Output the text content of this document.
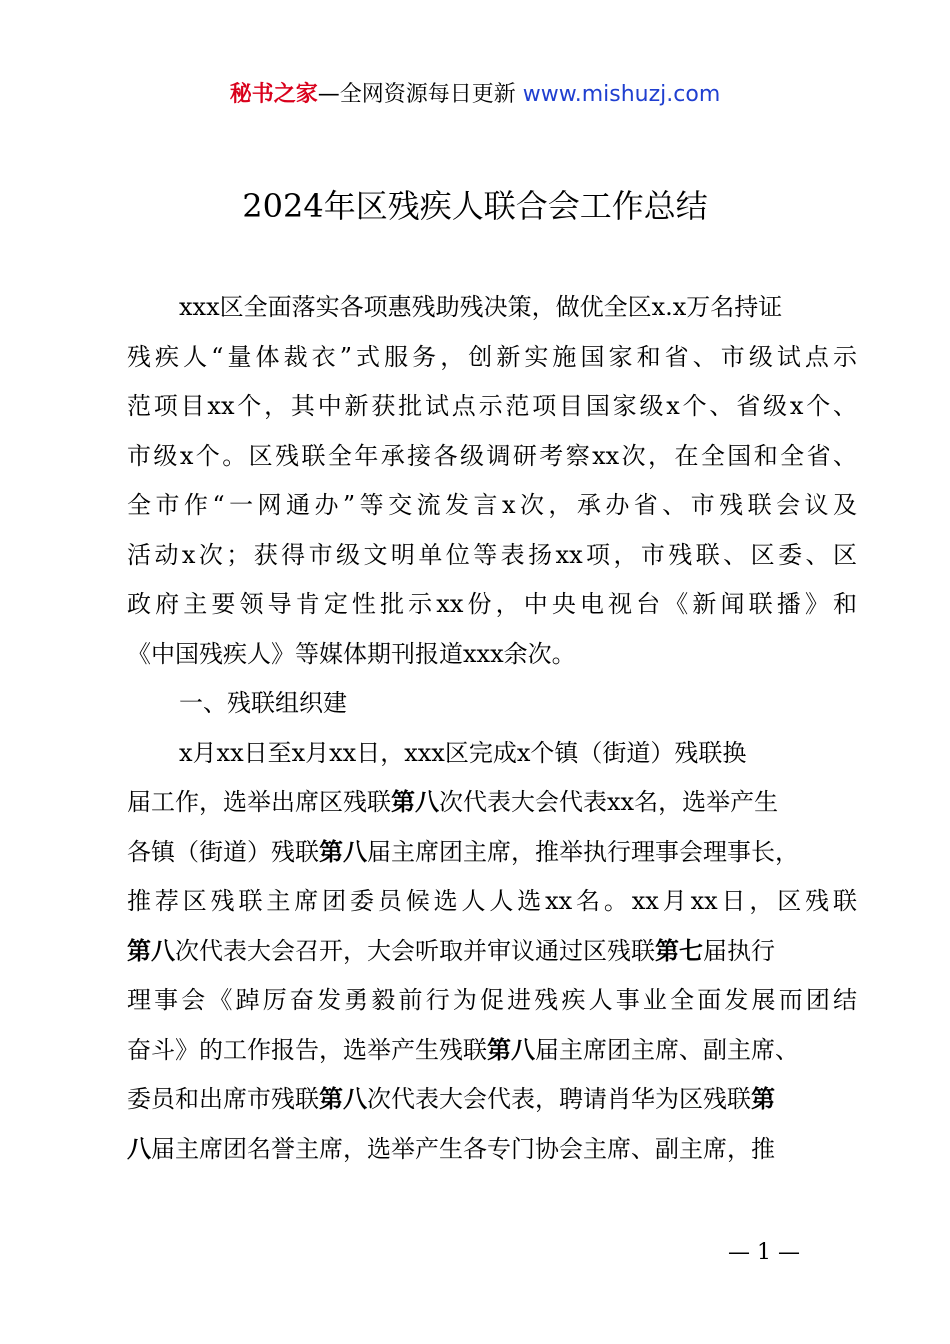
秘书之家—全网资源每日更新 www.mishuzj.com
2024年区残疾人联合会工作总结
xxx区全面落实各项惠残助残决策，做优全区x.x万名持证
残疾人“量体裁衣”式服务，创新实施国家和省、市级试点示
范项目xx个，其中新获批试点示范项目国家级x个、省级x个、
市级x个。区残联全年承接各级调研考察xx次，在全国和全省、
全市作“一网通办”等交流发言x次，承办省、市残联会议及
活动x次；获得市级文明单位等表扬xx项，市残联、区委、区
政府主要领导肯定性批示xx份，中央电视台《新闻联播》和
《中国残疾人》等媒体期刊报道xxx余次。
一、残联组织建
x月xx日至x月xx日，xxx区完成x个镇（街道）残联换
届工作，选举出席区残联第八次代表大会代表xx名，选举产生
各镇（街道）残联第八届主席团主席，推举执行理事会理事长，
推荐区残联主席团委员候选人人选xx名。xx月xx日，区残联
第八次代表大会召开，大会听取并审议通过区残联第七届执行
理事会《踔厉奋发勇毅前行为促进残疾人事业全面发展而团结
奋斗》的工作报告，选举产生残联第八届主席团主席、副主席、
委员和出席市残联第八次代表大会代表，聘请肖华为区残联第
八届主席团名誉主席，选举产生各专门协会主席、副主席，推
— 1 —
